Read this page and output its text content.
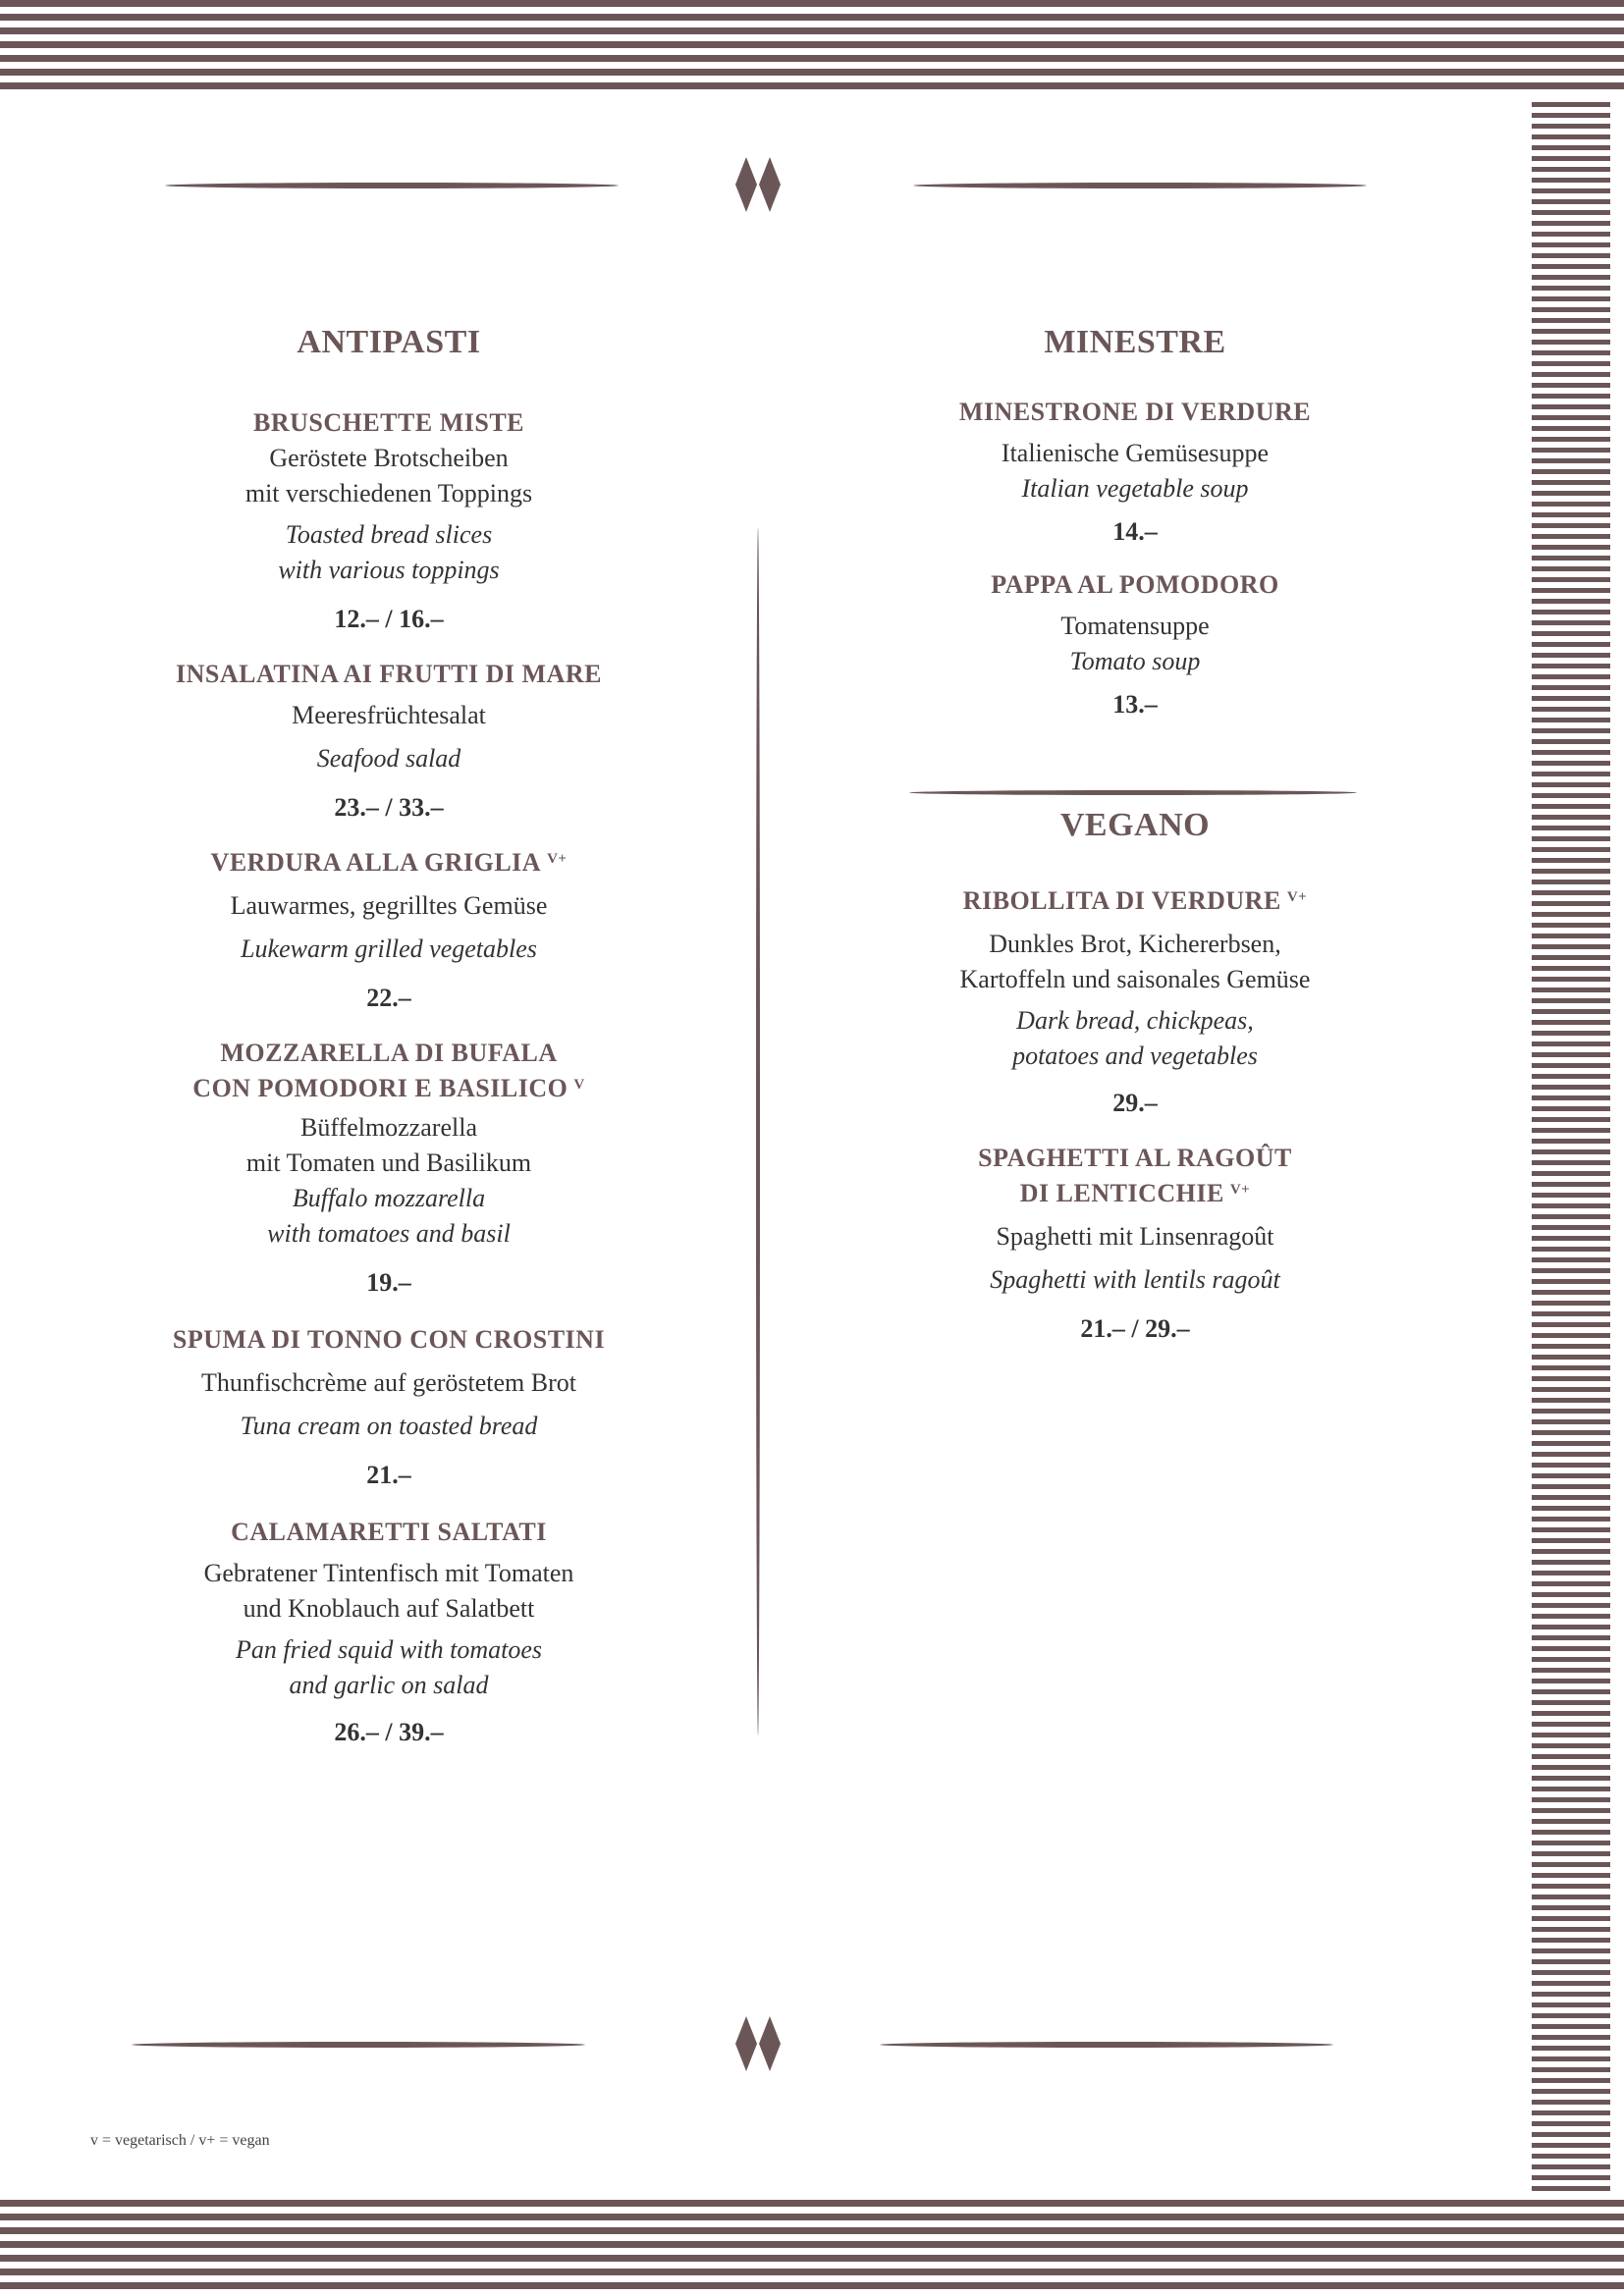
ANTIPASTI
BRUSCHETTE MISTE
Geröstete Brotscheiben
mit verschiedenen Toppings
Toasted bread slices
with various toppings
12.– / 16.–
INSALATINA AI FRUTTI DI MARE
Meeresfrüchtesalat
Seafood salad
23.– / 33.–
VERDURA ALLA GRIGLIA $^{V+}$
Lauwarmes, gegrilltes Gemüse
Lukewarm grilled vegetables
22.–
MOZZARELLA DI BUFALA
CON POMODORI E BASILICO $^V$
Büffelmozzarella
mit Tomaten und Basilikum
Buffalo mozzarella
with tomatoes and basil
19.–
SPUMA DI TONNO CON CROSTINI
Thunfischcrème auf geröstetem Brot
Tuna cream on toasted bread
21.–
CALAMARETTI SALTATI
Gebratener Tintenfisch mit Tomaten
und Knoblauch auf Salatbett
Pan fried squid with tomatoes
and garlic on salad
26.– / 39.–
MINESTRE
MINESTRONE DI VERDURE
Italienische Gemüsesuppe
Italian vegetable soup
14.–
PAPPA AL POMODORO
Tomatensuppe
Tomato soup
13.–
VEGANO
RIBOLLITA DI VERDURE $^{V+}$
Dunkles Brot, Kichererbsen,
Kartoffeln und saisonales Gemüse
Dark bread, chickpeas,
potatoes and vegetables
29.–
SPAGHETTI AL RAGOÛT
DI LENTICCHIE $^{V+}$
Spaghetti mit Linsenragoût
Spaghetti with lentils ragoût
21.– / 29.–
v = vegetarisch / v+ = vegan
